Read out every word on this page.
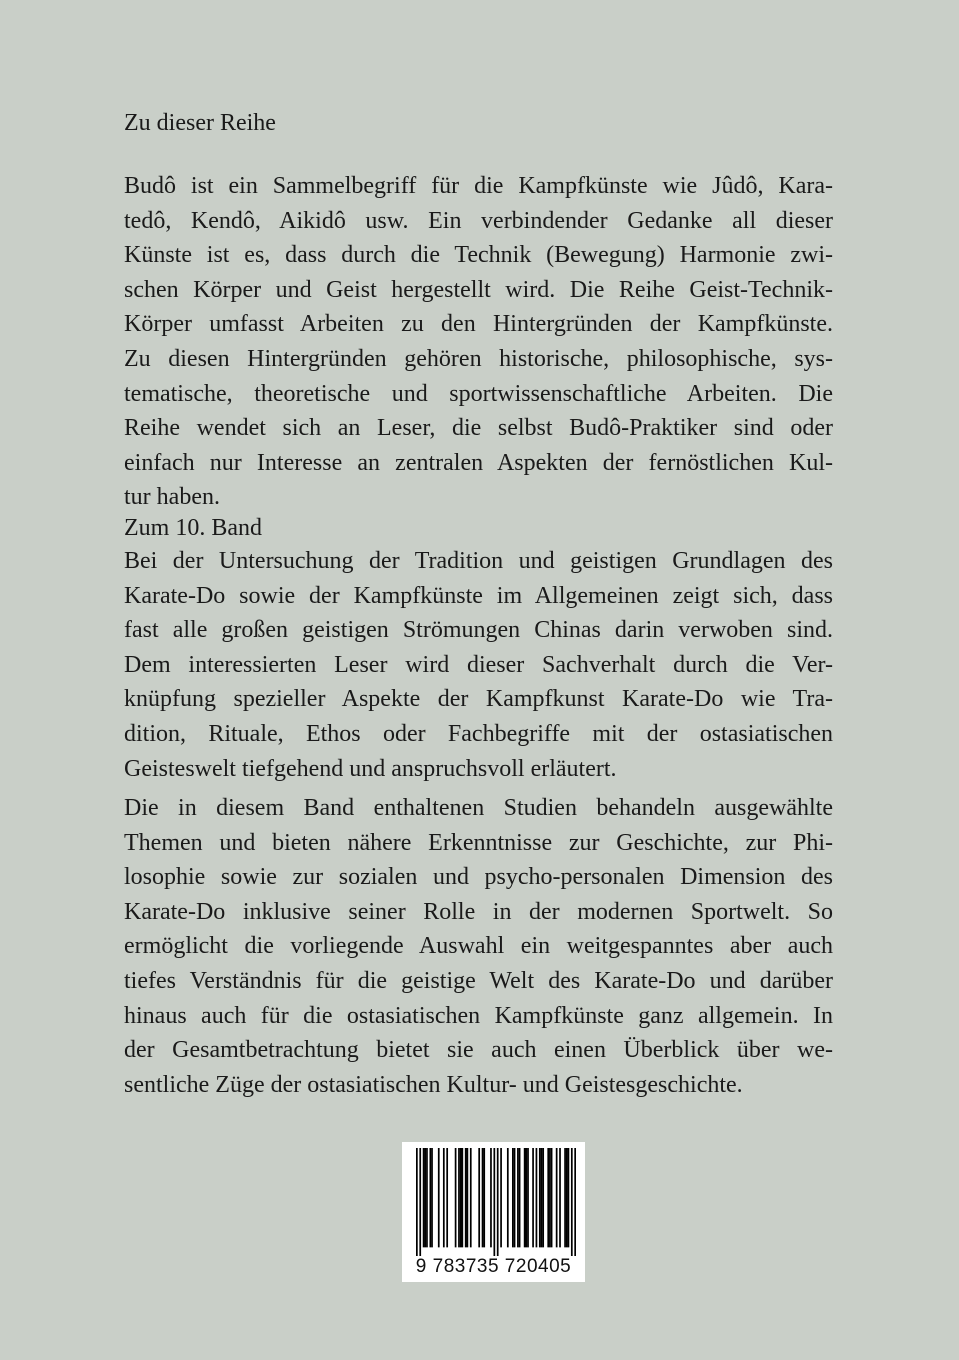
Zu dieser Reihe
Budô ist ein Sammelbegriff für die Kampfkünste wie Jûdô, Kara-
tedô, Kendô, Aikidô usw. Ein verbindender Gedanke all dieser
Künste ist es, dass durch die Technik (Bewegung) Harmonie zwi-
schen Körper und Geist hergestellt wird. Die Reihe Geist-Technik-
Körper umfasst Arbeiten zu den Hintergründen der Kampfkünste.
Zu diesen Hintergründen gehören historische, philosophische, sys-
tematische, theoretische und sportwissenschaftliche Arbeiten. Die
Reihe wendet sich an Leser, die selbst Budô-Praktiker sind oder
einfach nur Interesse an zentralen Aspekten der fernöstlichen Kul-
tur haben.
Zum 10. Band
Bei der Untersuchung der Tradition und geistigen Grundlagen des
Karate-Do sowie der Kampfkünste im Allgemeinen zeigt sich, dass
fast alle großen geistigen Strömungen Chinas darin verwoben sind.
Dem interessierten Leser wird dieser Sachverhalt durch die Ver-
knüpfung spezieller Aspekte der Kampfkunst Karate-Do wie Tra-
dition, Rituale, Ethos oder Fachbegriffe mit der ostasiatischen
Geisteswelt tiefgehend und anspruchsvoll erläutert.
Die in diesem Band enthaltenen Studien behandeln ausgewählte
Themen und bieten nähere Erkenntnisse zur Geschichte, zur Phi-
losophie sowie zur sozialen und psycho-personalen Dimension des
Karate-Do inklusive seiner Rolle in der modernen Sportwelt. So
ermöglicht die vorliegende Auswahl ein weitgespanntes aber auch
tiefes Verständnis für die geistige Welt des Karate-Do und darüber
hinaus auch für die ostasiatischen Kampfkünste ganz allgemein. In
der Gesamtbetrachtung bietet sie auch einen Überblick über we-
sentliche Züge der ostasiatischen Kultur- und Geistesgeschichte.
9 783735 720405
